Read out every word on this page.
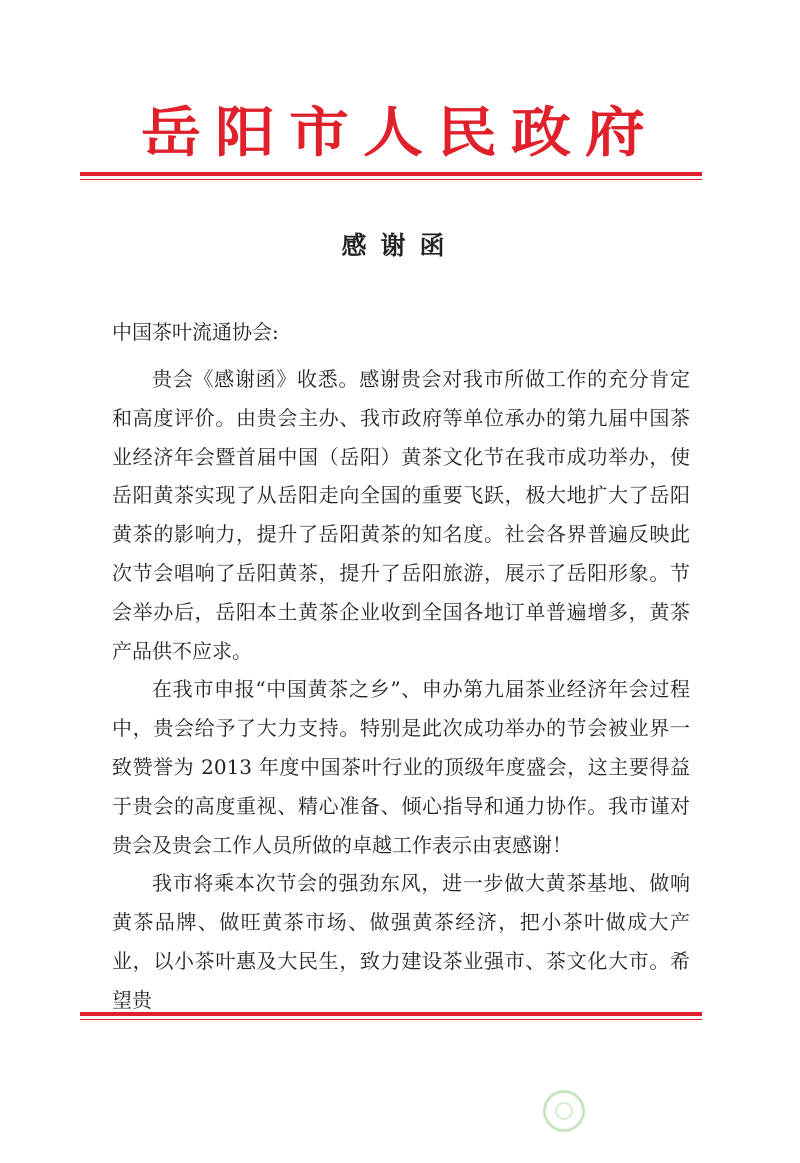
岳阳市人民政府
感谢函
中国茶叶流通协会:

贵会《感谢函》收悉。感谢贵会对我市所做工作的充分肯定和高度评价。由贵会主办、我市政府等单位承办的第九届中国茶业经济年会暨首届中国（岳阳）黄茶文化节在我市成功举办，使岳阳黄茶实现了从岳阳走向全国的重要飞跃，极大地扩大了岳阳黄茶的影响力，提升了岳阳黄茶的知名度。社会各界普遍反映此次节会唱响了岳阳黄茶，提升了岳阳旅游，展示了岳阳形象。节会举办后，岳阳本土黄茶企业收到全国各地订单普遍增多，黄茶产品供不应求。

在我市申报“中国黄茶之乡”、申办第九届茶业经济年会过程中，贵会给予了大力支持。特别是此次成功举办的节会被业界一致赞誉为 2013 年度中国茶叶行业的顶级年度盛会，这主要得益于贵会的高度重视、精心准备、倾心指导和通力协作。我市谨对贵会及贵会工作人员所做的卓越工作表示由衷感谢！

我市将乘本次节会的强劲东风，进一步做大黄茶基地、做响黄茶品牌、做旺黄茶市场、做强黄茶经济，把小茶叶做成大产业，以小茶叶惠及大民生，致力建设茶业强市、茶文化大市。希望贵
